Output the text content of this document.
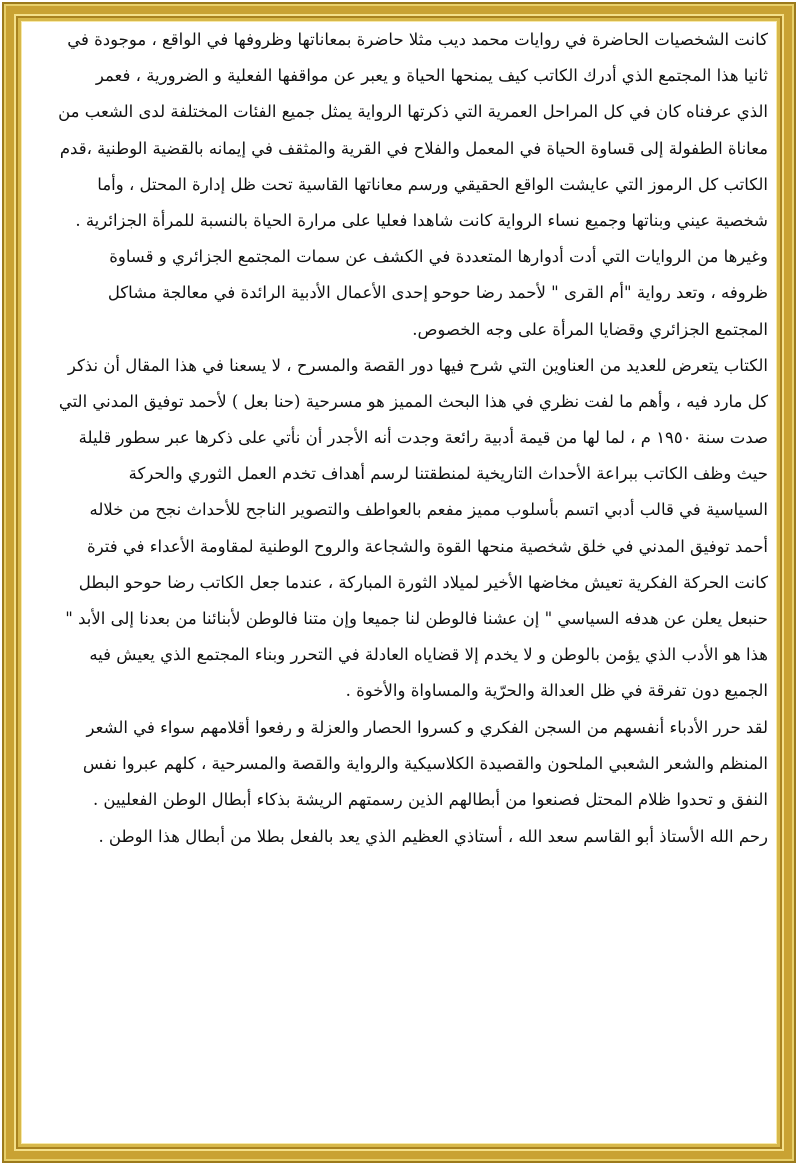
كانت الشخصيات الحاضرة في روايات محمد ديب مثلا حاضرة بمعاناتها وظروفها في الواقع ، موجودة في
ثانيا هذا المجتمع الذي أدرك الكاتب كيف يمنحها الحياة و يعبر عن مواقفها الفعلية و الضرورية ، فعمر
الذي عرفناه كان في كل المراحل العمرية التي ذكرتها الرواية يمثل جميع الفئات المختلفة لدى الشعب من
معاناة الطفولة إلى قساوة الحياة في المعمل والفلاح في القرية والمثقف في إيمانه بالقضية الوطنية ،قدم
الكاتب كل الرموز التي عايشت الواقع الحقيقي ورسم معاناتها القاسية تحت ظل إدارة المحتل ، وأما
شخصية عيني وبناتها وجميع نساء الرواية كانت شاهدا فعليا على مرارة الحياة بالنسبة للمرأة الجزائرية .
وغيرها من الروايات التي أدت أدوارها المتعددة في الكشف عن سمات المجتمع الجزائري و قساوة
ظروفه ، وتعد رواية "أم القرى " لأحمد رضا حوحو إحدى الأعمال الأدبية الرائدة في معالجة مشاكل
المجتمع الجزائري وقضايا المرأة على وجه الخصوص.
الكتاب يتعرض للعديد من العناوين التي شرح فيها دور القصة والمسرح ، لا يسعنا في هذا المقال أن نذكر
كل مارد فيه ، وأهم ما لفت نظري في هذا البحث المميز هو مسرحية (حنا بعل ) لأحمد توفيق المدني التي
صدت سنة ١٩٥٠ م ، لما لها من قيمة أدبية رائعة وجدت أنه الأجدر أن نأتي على ذكرها عبر سطور قليلة
حيث وظف الكاتب ببراعة الأحداث التاريخية لمنطقتنا لرسم أهداف تخدم العمل الثوري والحركة
السياسية في قالب أدبي اتسم بأسلوب مميز مفعم بالعواطف والتصوير الناجح للأحداث نجح من خلاله
أحمد توفيق المدني في خلق شخصية منحها القوة والشجاعة والروح الوطنية لمقاومة الأعداء في فترة
كانت الحركة الفكرية تعيش مخاضها الأخير لميلاد الثورة المباركة ، عندما جعل الكاتب رضا حوحو البطل
حنبعل يعلن عن هدفه السياسي " إن عشنا فالوطن لنا جميعا وإن متنا فالوطن لأبنائنا من بعدنا إلى الأبد "
هذا هو الأدب الذي يؤمن بالوطن و لا يخدم إلا قضاياه العادلة في التحرر وبناء المجتمع الذي يعيش فيه
الجميع دون تفرقة في ظل العدالة والحرّية والمساواة والأخوة .
لقد حرر الأدباء أنفسهم من السجن الفكري و كسروا الحصار والعزلة و رفعوا أقلامهم سواء في الشعر
المنظم والشعر الشعبي الملحون والقصيدة الكلاسيكية والرواية والقصة والمسرحية ، كلهم عبروا نفس
النفق و تحدوا ظلام المحتل فصنعوا من أبطالهم الذين رسمتهم الريشة بذكاء أبطال الوطن الفعليين .
رحم الله الأستاذ أبو القاسم سعد الله ، أستاذي العظيم الذي يعد بالفعل بطلا من أبطال هذا الوطن .
